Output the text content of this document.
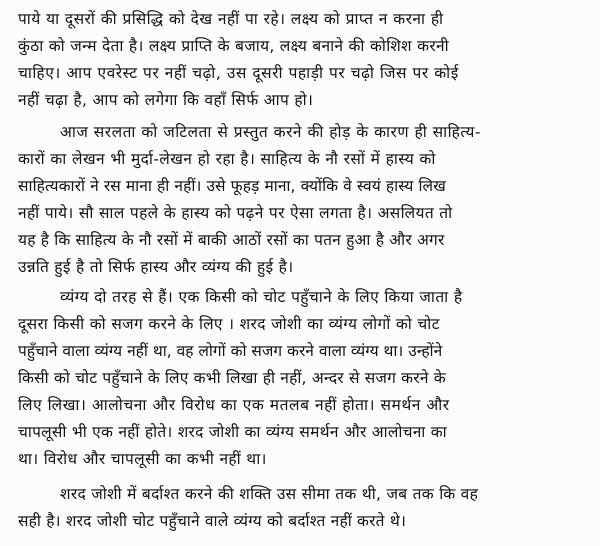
पाये या दूसरों की प्रसिद्धि को देख नहीं पा रहे। लक्ष्य को प्राप्त न करना ही
कुंठा को जन्म देता है। लक्ष्य प्राप्ति के बजाय, लक्ष्य बनाने की कोशिश करनी
चाहिए। आप एवरेस्ट पर नहीं चढ़ो, उस दूसरी पहाड़ी पर चढ़ो जिस पर कोई
नहीं चढ़ा है, आप को लगेगा कि वहाँ सिर्फ आप हो।
आज सरलता को जटिलता से प्रस्तुत करने की होड़ के कारण ही साहित्य-
कारों का लेखन भी मुर्दा-लेखन हो रहा है। साहित्य के नौ रसों में हास्य को
साहित्यकारों ने रस माना ही नहीं। उसे फूहड़ माना, क्योंकि वे स्वयं हास्य लिख
नहीं पाये। सौ साल पहले के हास्य को पढ़ने पर ऐसा लगता है। असलियत तो
यह है कि साहित्य के नौ रसों में बाकी आठों रसों का पतन हुआ है और अगर
उन्नति हुई है तो सिर्फ हास्य और व्यंग्य की हुई है।
व्यंग्य दो तरह से हैं। एक किसी को चोट पहुँचाने के लिए किया जाता है
दूसरा किसी को सजग करने के लिए । शरद जोशी का व्यंग्य लोगों को चोट
पहुँचाने वाला व्यंग्य नहीं था, वह लोगों को सजग करने वाला व्यंग्य था। उन्होंने
किसी को चोट पहुँचाने के लिए कभी लिखा ही नहीं, अन्दर से सजग करने के
लिए लिखा। आलोचना और विरोध का एक मतलब नहीं होता। समर्थन और
चापलूसी भी एक नहीं होते। शरद जोशी का व्यंग्य समर्थन और आलोचना का
था। विरोध और चापलूसी का कभी नहीं था।
शरद जोशी में बर्दाश्त करने की शक्ति उस सीमा तक थी, जब तक कि वह
सही है। शरद जोशी चोट पहुँचाने वाले व्यंग्य को बर्दाश्त नहीं करते थे।
